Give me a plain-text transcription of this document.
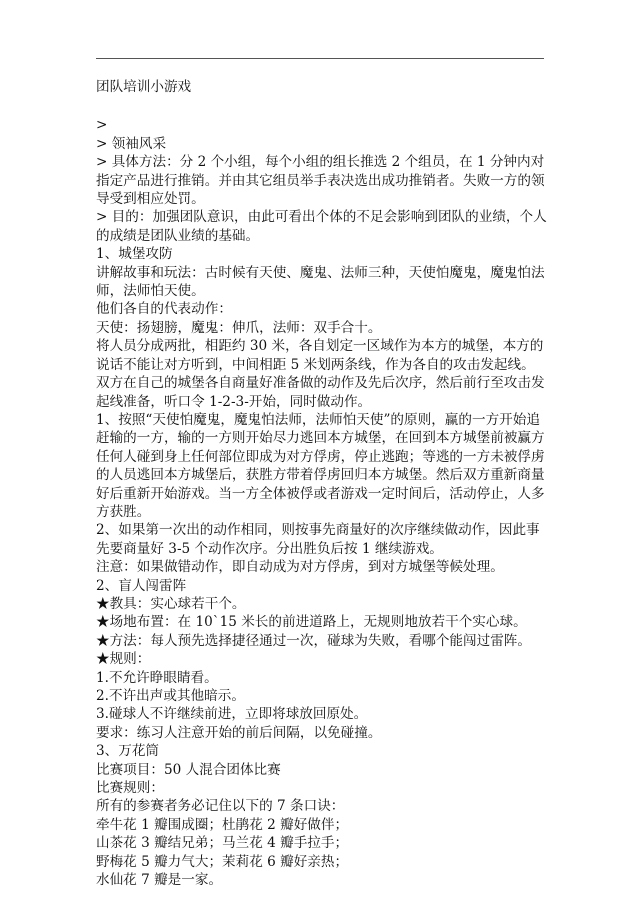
团队培训小游戏

>

> 领袖风采

> 具体方法：分 2 个小组，每个小组的组长推选 2 个组员，在 1 分钟内对指定产品进行推销。并由其它组员举手表决选出成功推销者。失败一方的领导受到相应处罚。

> 目的：加强团队意识，由此可看出个体的不足会影响到团队的业绩，个人的成绩是团队业绩的基础。

1、城堡攻防

讲解故事和玩法：古时候有天使、魔鬼、法师三种，天使怕魔鬼，魔鬼怕法师，法师怕天使。

他们各自的代表动作：

天使：扬翅膀，魔鬼：伸爪，法师：双手合十。

将人员分成两批，相距约 30 米，各自划定一区域作为本方的城堡，本方的说话不能让对方听到，中间相距 5 米划两条线，作为各自的攻击发起线。

双方在自己的城堡各自商量好准备做的动作及先后次序，然后前行至攻击发起线准备，听口令 1-2-3-开始，同时做动作。

1、按照“天使怕魔鬼，魔鬼怕法师，法师怕天使”的原则，赢的一方开始追赶输的一方，输的一方则开始尽力逃回本方城堡，在回到本方城堡前被赢方任何人碰到身上任何部位即成为对方俘虏，停止逃跑；等逃的一方未被俘虏的人员逃回本方城堡后，获胜方带着俘虏回归本方城堡。然后双方重新商量好后重新开始游戏。当一方全体被俘或者游戏一定时间后，活动停止，人多方获胜。

2、如果第一次出的动作相同，则按事先商量好的次序继续做动作，因此事先要商量好 3-5 个动作次序。分出胜负后按 1 继续游戏。

注意：如果做错动作，即自动成为对方俘虏，到对方城堡等候处理。

2、盲人闯雷阵

★教具：实心球若干个。

★场地布置：在 10`15 米长的前进道路上，无规则地放若干个实心球。

★方法：每人预先选择捷径通过一次，碰球为失败，看哪个能闯过雷阵。

★规则：

1.不允许睁眼睛看。

2.不许出声或其他暗示。

3.碰球人不许继续前进，立即将球放回原处。

要求：练习人注意开始的前后间隔，以免碰撞。

3、万花筒

比赛项目：50 人混合团体比赛

比赛规则：

所有的参赛者务必记住以下的 7 条口诀：

牵牛花 1 瓣围成圈；杜鹃花 2 瓣好做伴；

山茶花 3 瓣结兄弟；马兰花 4 瓣手拉手；

野梅花 5 瓣力气大；茉莉花 6 瓣好亲热；

水仙花 7 瓣是一家。
